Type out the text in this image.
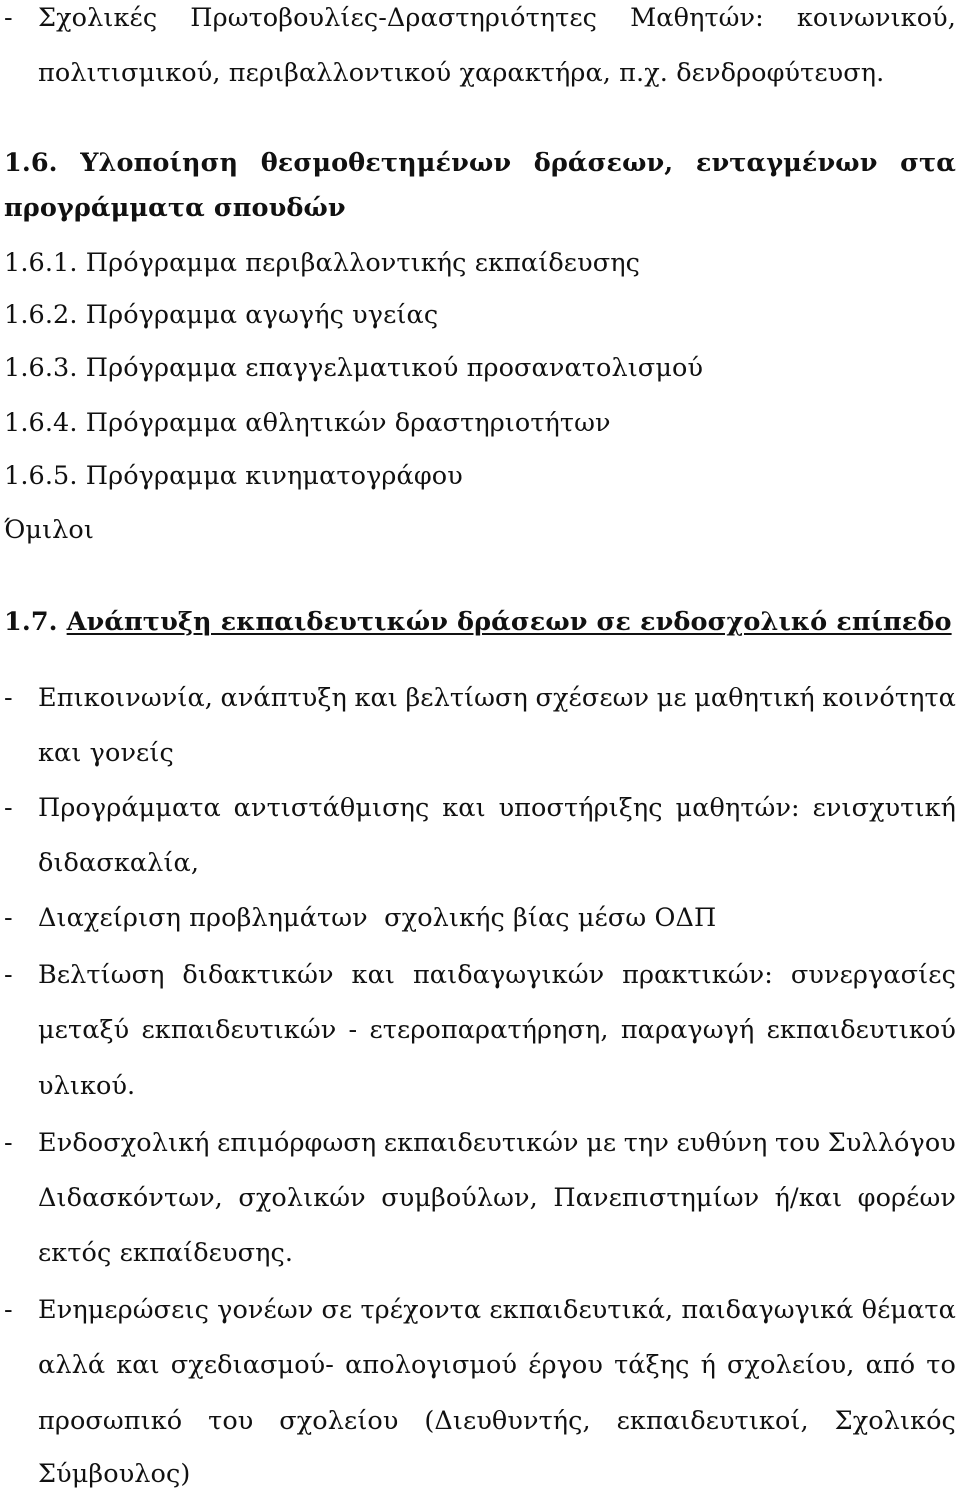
- Σχολικές Πρωτοβουλίες-Δραστηριότητες Μαθητών: κοινωνικού,
πολιτισμικού, περιβαλλοντικού χαρακτήρα, π.χ. δενδροφύτευση.
1.6. Υλοποίηση θεσμοθετημένων δράσεων, ενταγμένων στα
προγράμματα σπουδών
1.6.1. Πρόγραμμα περιβαλλοντικής εκπαίδευσης
1.6.2. Πρόγραμμα αγωγής υγείας
1.6.3. Πρόγραμμα επαγγελματικού προσανατολισμού
1.6.4. Πρόγραμμα αθλητικών δραστηριοτήτων
1.6.5. Πρόγραμμα κινηματογράφου
Όμιλοι
1.7. Ανάπτυξη εκπαιδευτικών δράσεων σε ενδοσχολικό επίπεδο
- Επικοινωνία, ανάπτυξη και βελτίωση σχέσεων με μαθητική κοινότητα
και γονείς
- Προγράμματα αντιστάθμισης και υποστήριξης μαθητών: ενισχυτική
διδασκαλία,
- Διαχείριση προβλημάτων  σχολικής βίας μέσω ΟΔΠ
- Βελτίωση διδακτικών και παιδαγωγικών πρακτικών: συνεργασίες
μεταξύ εκπαιδευτικών - ετεροπαρατήρηση, παραγωγή εκπαιδευτικού
υλικού.
- Ενδοσχολική επιμόρφωση εκπαιδευτικών με την ευθύνη του Συλλόγου
Διδασκόντων, σχολικών συμβούλων, Πανεπιστημίων ή/και φορέων
εκτός εκπαίδευσης.
- Ενημερώσεις γονέων σε τρέχοντα εκπαιδευτικά, παιδαγωγικά θέματα
αλλά και σχεδιασμού- απολογισμού έργου τάξης ή σχολείου, από το
προσωπικό του σχολείου (Διευθυντής, εκπαιδευτικοί, Σχολικός
Σύμβουλος)
